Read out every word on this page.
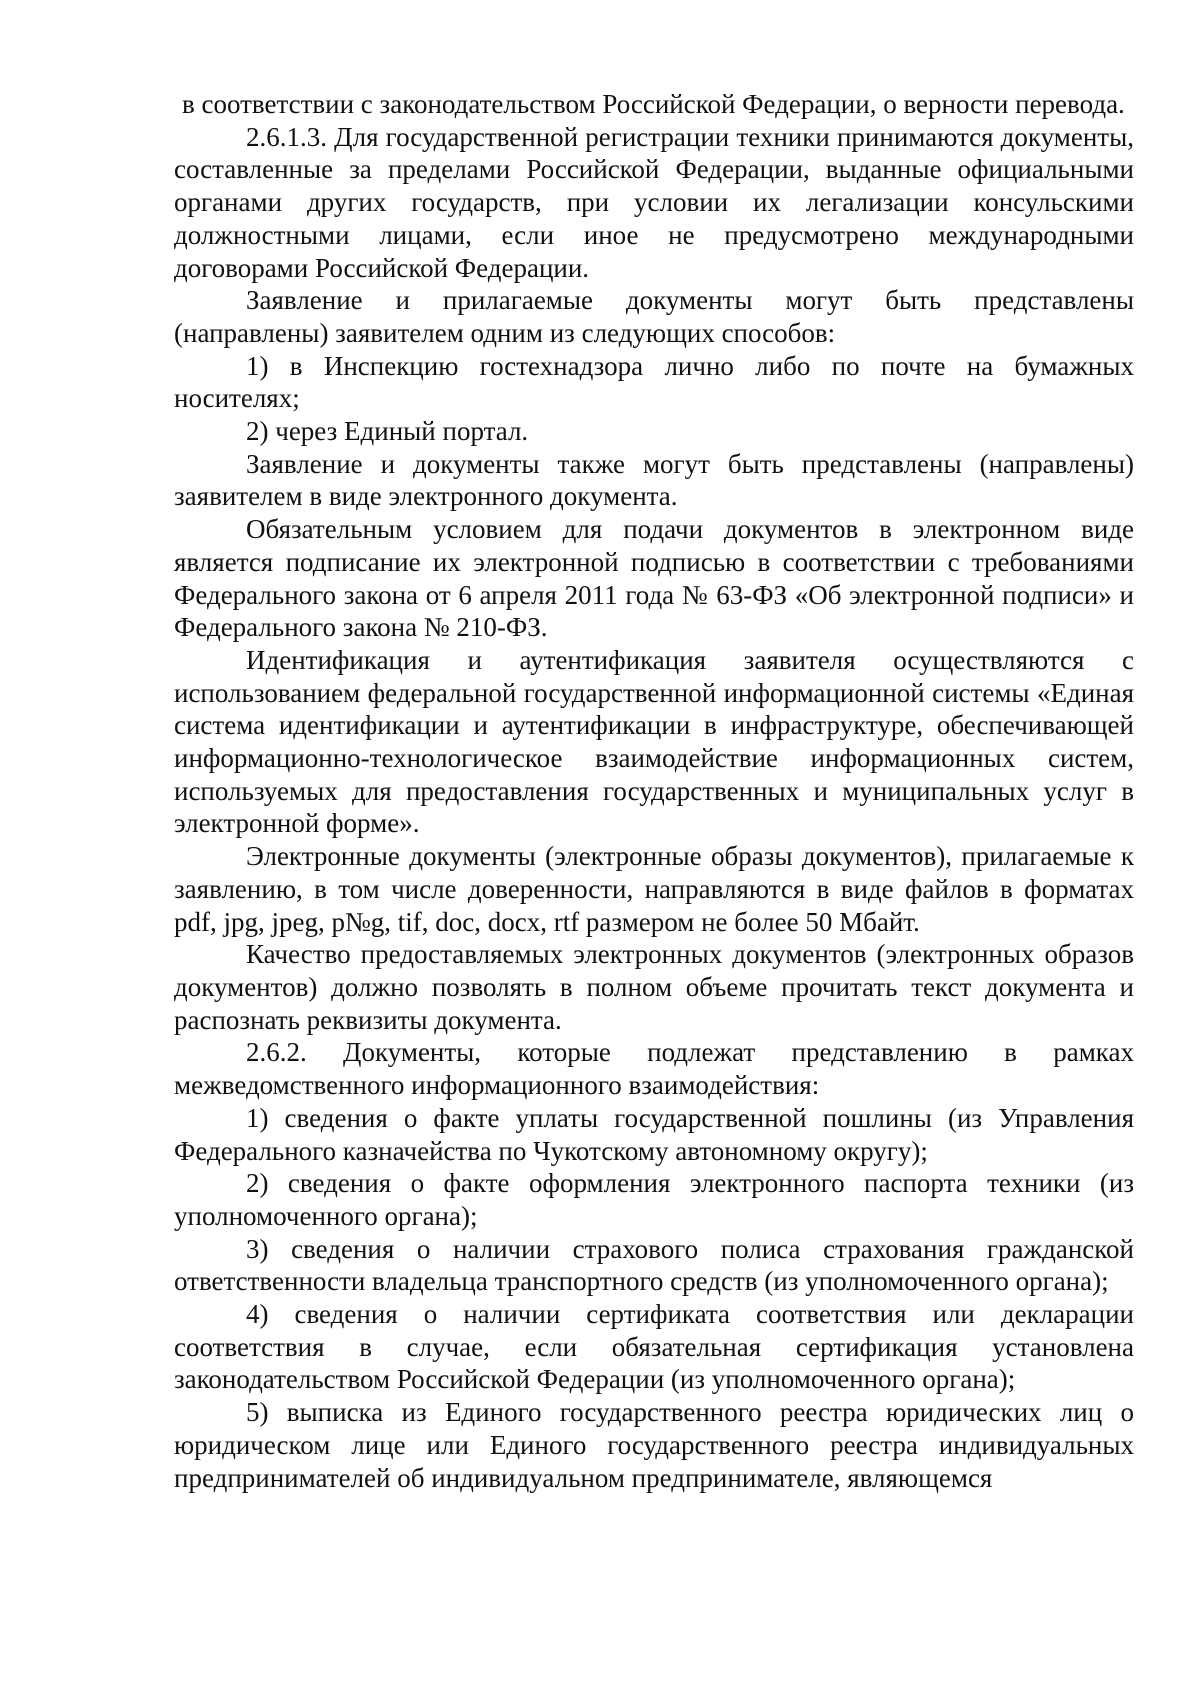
в соответствии с законодательством Российской Федерации, о верности перевода.

2.6.1.3. Для государственной регистрации техники принимаются документы, составленные за пределами Российской Федерации, выданные официальными органами других государств, при условии их легализации консульскими должностными лицами, если иное не предусмотрено международными договорами Российской Федерации.

Заявление и прилагаемые документы могут быть представлены (направлены) заявителем одним из следующих способов:

1) в Инспекцию гостехнадзора лично либо по почте на бумажных носителях;

2) через Единый портал.

Заявление и документы также могут быть представлены (направлены) заявителем в виде электронного документа.

Обязательным условием для подачи документов в электронном виде является подписание их электронной подписью в соответствии с требованиями Федерального закона от 6 апреля 2011 года № 63-ФЗ «Об электронной подписи» и Федерального закона № 210-ФЗ.

Идентификация и аутентификация заявителя осуществляются с использованием федеральной государственной информационной системы «Единая система идентификации и аутентификации в инфраструктуре, обеспечивающей информационно-технологическое взаимодействие информационных систем, используемых для предоставления государственных и муниципальных услуг в электронной форме».

Электронные документы (электронные образы документов), прилагаемые к заявлению, в том числе доверенности, направляются в виде файлов в форматах pdf, jpg, jpeg, p№g, tif, doc, docx, rtf размером не более 50 Мбайт.

Качество предоставляемых электронных документов (электронных образов документов) должно позволять в полном объеме прочитать текст документа и распознать реквизиты документа.

2.6.2. Документы, которые подлежат представлению в рамках межведомственного информационного взаимодействия:

1) сведения о факте уплаты государственной пошлины (из Управления Федерального казначейства по Чукотскому автономному округу);

2) сведения о факте оформления электронного паспорта техники (из уполномоченного органа);

3) сведения о наличии страхового полиса страхования гражданской ответственности владельца транспортного средств (из уполномоченного органа);

4) сведения о наличии сертификата соответствия или декларации соответствия в случае, если обязательная сертификация установлена законодательством Российской Федерации (из уполномоченного органа);

5) выписка из Единого государственного реестра юридических лиц о юридическом лице или Единого государственного реестра индивидуальных предпринимателей об индивидуальном предпринимателе, являющемся
